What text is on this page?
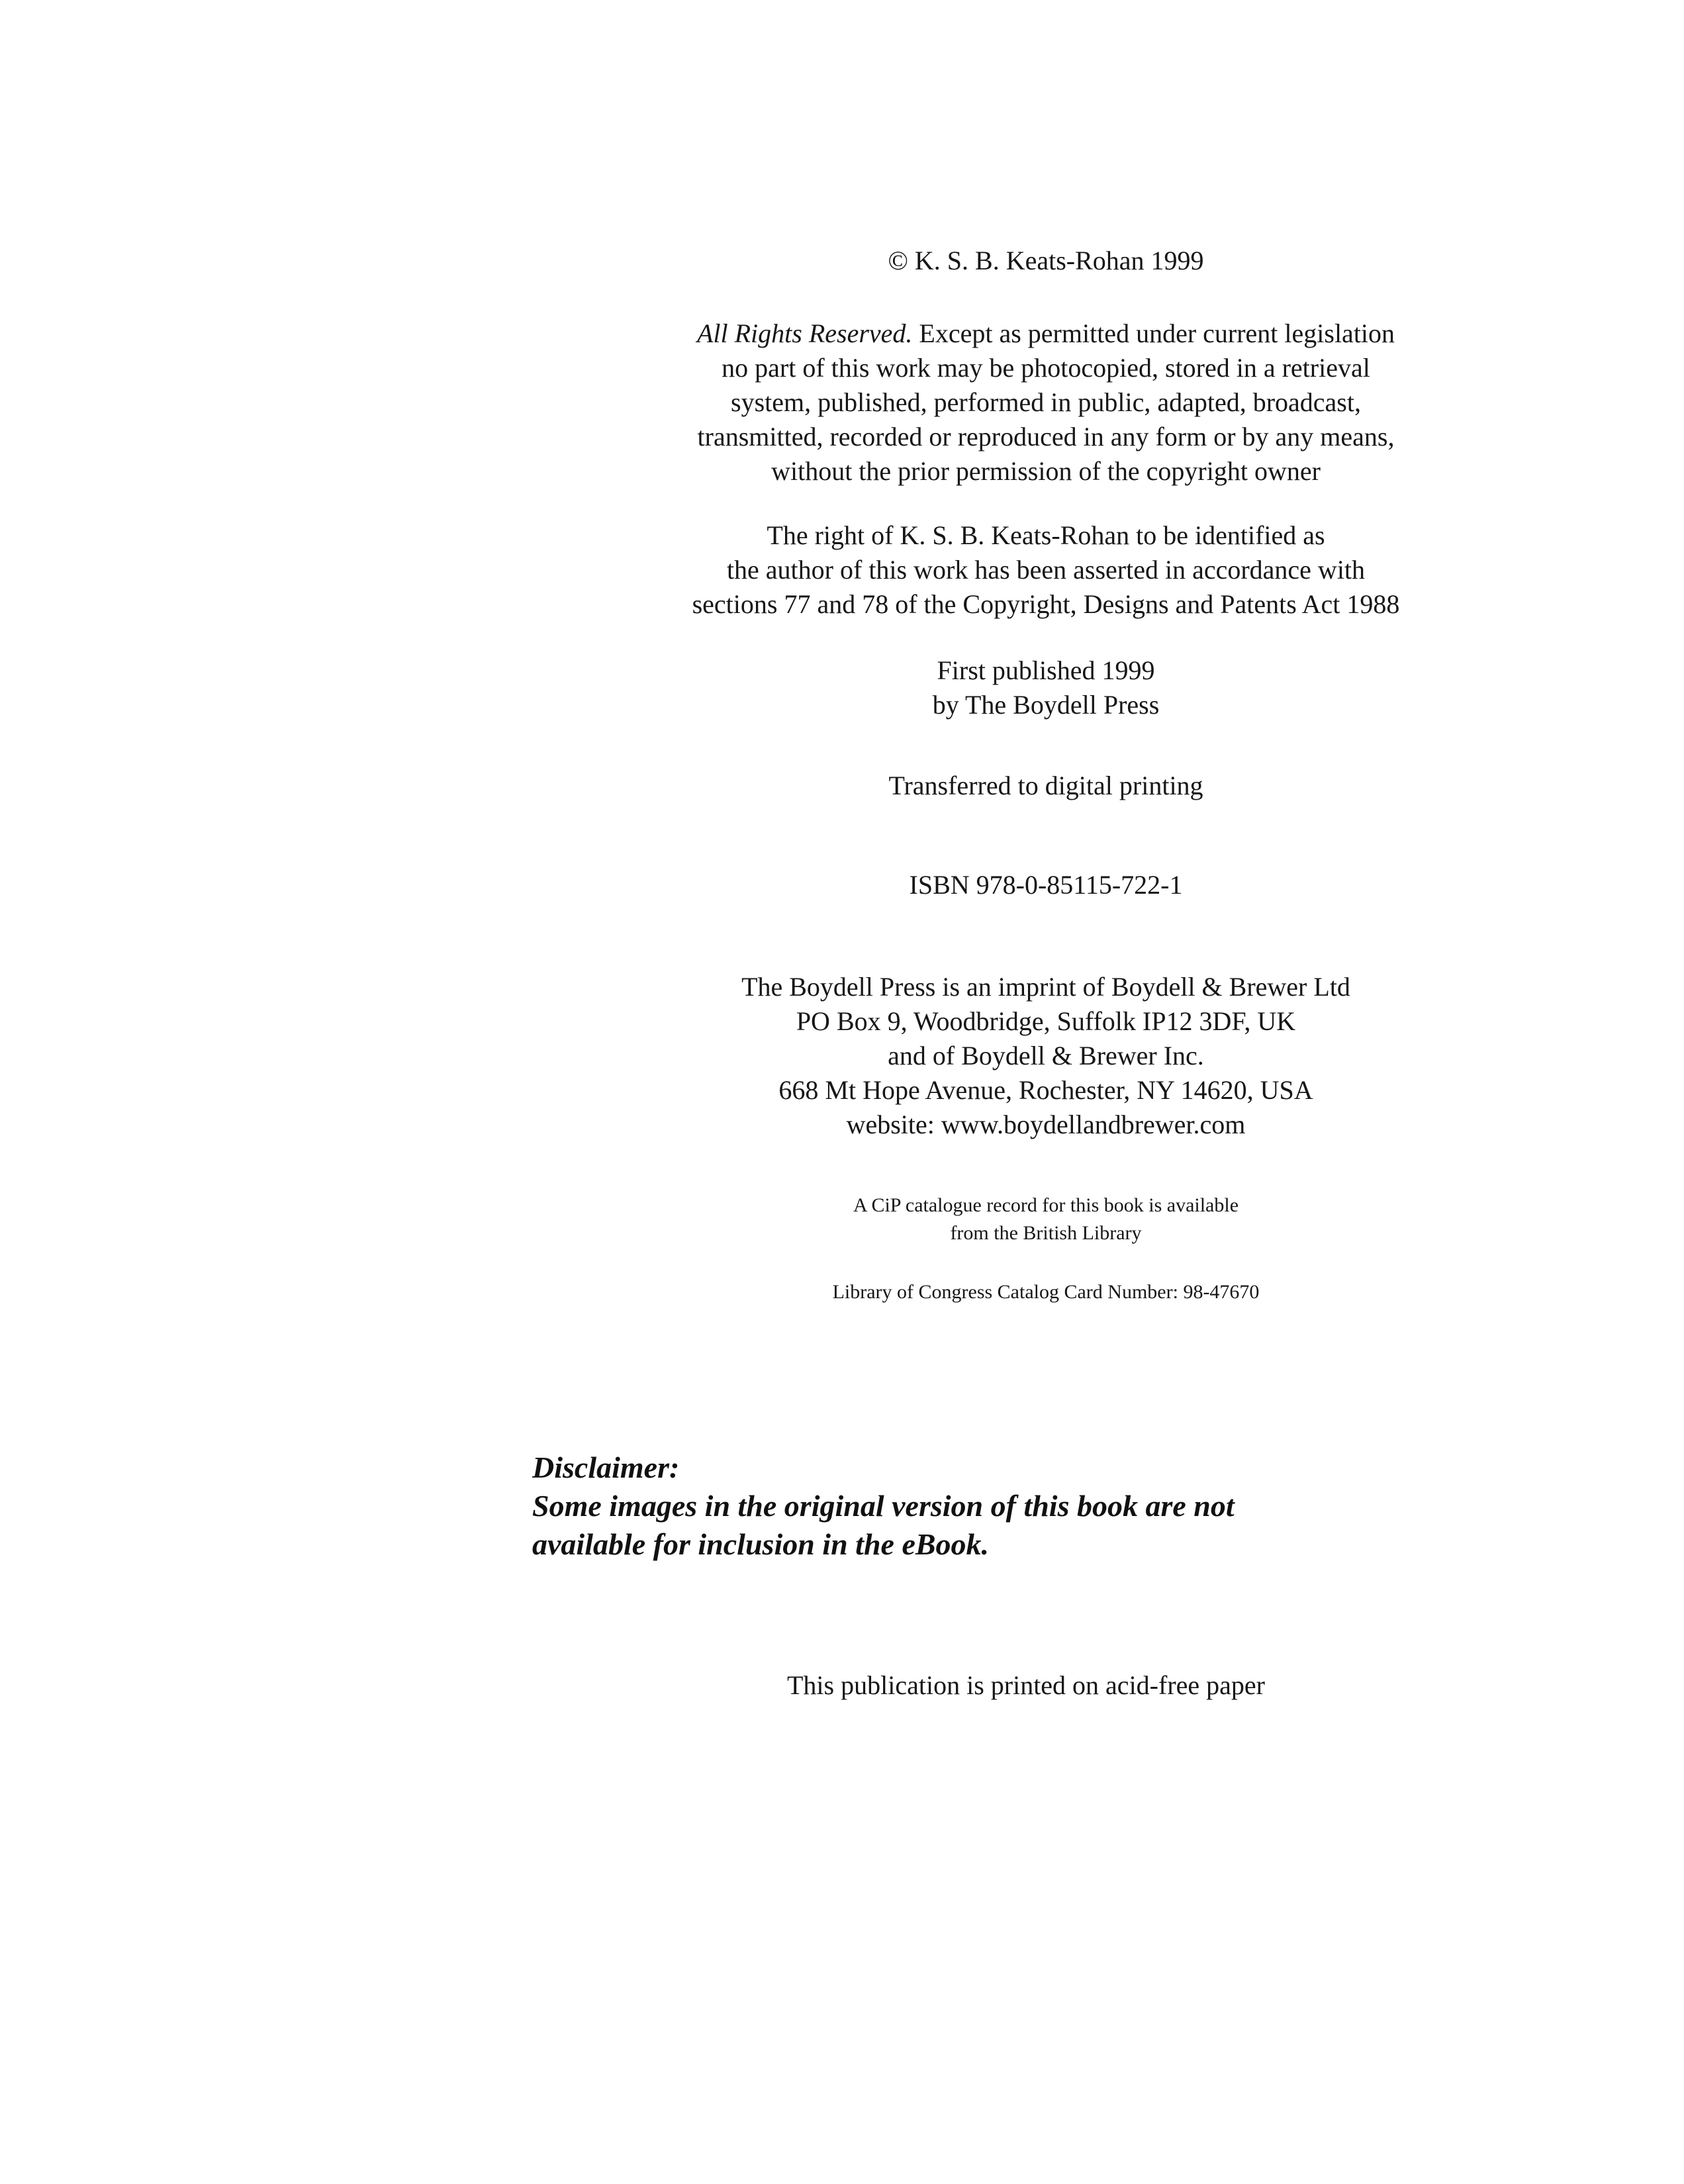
© K. S. B. Keats-Rohan 1999
All Rights Reserved. Except as permitted under current legislation
no part of this work may be photocopied, stored in a retrieval
system, published, performed in public, adapted, broadcast,
transmitted, recorded or reproduced in any form or by any means,
without the prior permission of the copyright owner
The right of K. S. B. Keats-Rohan to be identified as
the author of this work has been asserted in accordance with
sections 77 and 78 of the Copyright, Designs and Patents Act 1988
First published 1999
by The Boydell Press
Transferred to digital printing
ISBN 978-0-85115-722-1
The Boydell Press is an imprint of Boydell & Brewer Ltd
PO Box 9, Woodbridge, Suffolk IP12 3DF, UK
and of Boydell & Brewer Inc.
668 Mt Hope Avenue, Rochester, NY 14620, USA
website: www.boydellandbrewer.com
A CiP catalogue record for this book is available
from the British Library
Library of Congress Catalog Card Number: 98-47670
Disclaimer:
Some images in the original version of this book are not
available for inclusion in the eBook.
This publication is printed on acid-free paper
